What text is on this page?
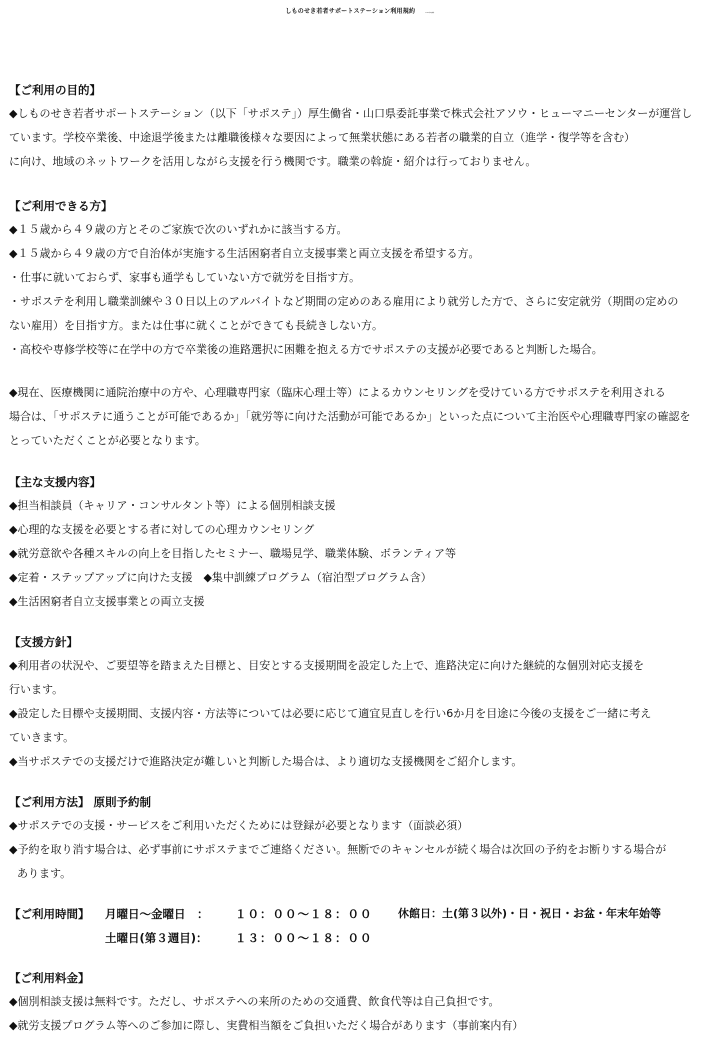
しものせき若者サポートステーション利用規約	【2025年4月改定】
【ご利用の目的】
◆しものせき若者サポートステーション（以下「サポステ」）厚生働省・山口県委託事業で株式会社アソウ・ヒューマニーセンターが運営し
ています。学校卒業後、中途退学後または離職後様々な要因によって無業状態にある若者の職業的自立（進学・復学等を含む）
に向け、地域のネットワークを活用しながら支援を行う機関です。職業の斡旋・紹介は行っておりません。
【ご利用できる方】
◆１５歳から４９歳の方とそのご家族で次のいずれかに該当する方。
◆１５歳から４９歳の方で自治体が実施する生活困窮者自立支援事業と両立支援を希望する方。
・仕事に就いておらず、家事も通学もしていない方で就労を目指す方。
・サポステを利用し職業訓練や３０日以上のアルバイトなど期間の定めのある雇用により就労した方で、さらに安定就労（期間の定めの
ない雇用）を目指す方。または仕事に就くことができても長続きしない方。
・高校や専修学校等に在学中の方で卒業後の進路選択に困難を抱える方でサポステの支援が必要であると判断した場合。
◆現在、医療機関に通院治療中の方や、心理職専門家（臨床心理士等）によるカウンセリングを受けている方でサポステを利用される
場合は、「サポステに通うことが可能であるか」「就労等に向けた活動が可能であるか」といった点について主治医や心理職専門家の確認を
とっていただくことが必要となります。
【主な支援内容】
◆担当相談員（キャリア・コンサルタント等）による個別相談支援
◆心理的な支援を必要とする者に対しての心理カウンセリング
◆就労意欲や各種スキルの向上を目指したセミナー、職場見学、職業体験、ボランティア等
◆定着・ステップアップに向けた支援　◆集中訓練プログラム（宿泊型プログラム含）
◆生活困窮者自立支援事業との両立支援
【支援方針】
◆利用者の状況や、ご要望等を踏まえた目標と、目安とする支援期間を設定した上で、進路決定に向けた継続的な個別対応支援を
行います。
◆設定した目標や支援期間、支援内容・方法等については必要に応じて適宜見直しを行い6か月を目途に今後の支援をご一緒に考え
ていきます。
◆当サポステでの支援だけで進路決定が難しいと判断した場合は、より適切な支援機関をご紹介します。
【ご利用方法】 原則予約制
◆サポステでの支援・サービスをご利用いただくためには登録が必要となります（面談必須）
◆予約を取り消す場合は、必ず事前にサポステまでご連絡ください。無断でのキャンセルが続く場合は次回の予約をお断りする場合が
あります。
【ご利用時間】 月曜日～金曜日　： １０：００～１８：００ 休館日：土(第３以外)・日・祝日・お盆・年末年始等
土曜日(第３週目)： １３：００～１８：００
【ご利用料金】
◆個別相談支援は無料です。ただし、サポステへの来所のための交通費、飲食代等は自己負担です。
◆就労支援プログラム等へのご参加に際し、実費相当額をご負担いただく場合があります（事前案内有）
